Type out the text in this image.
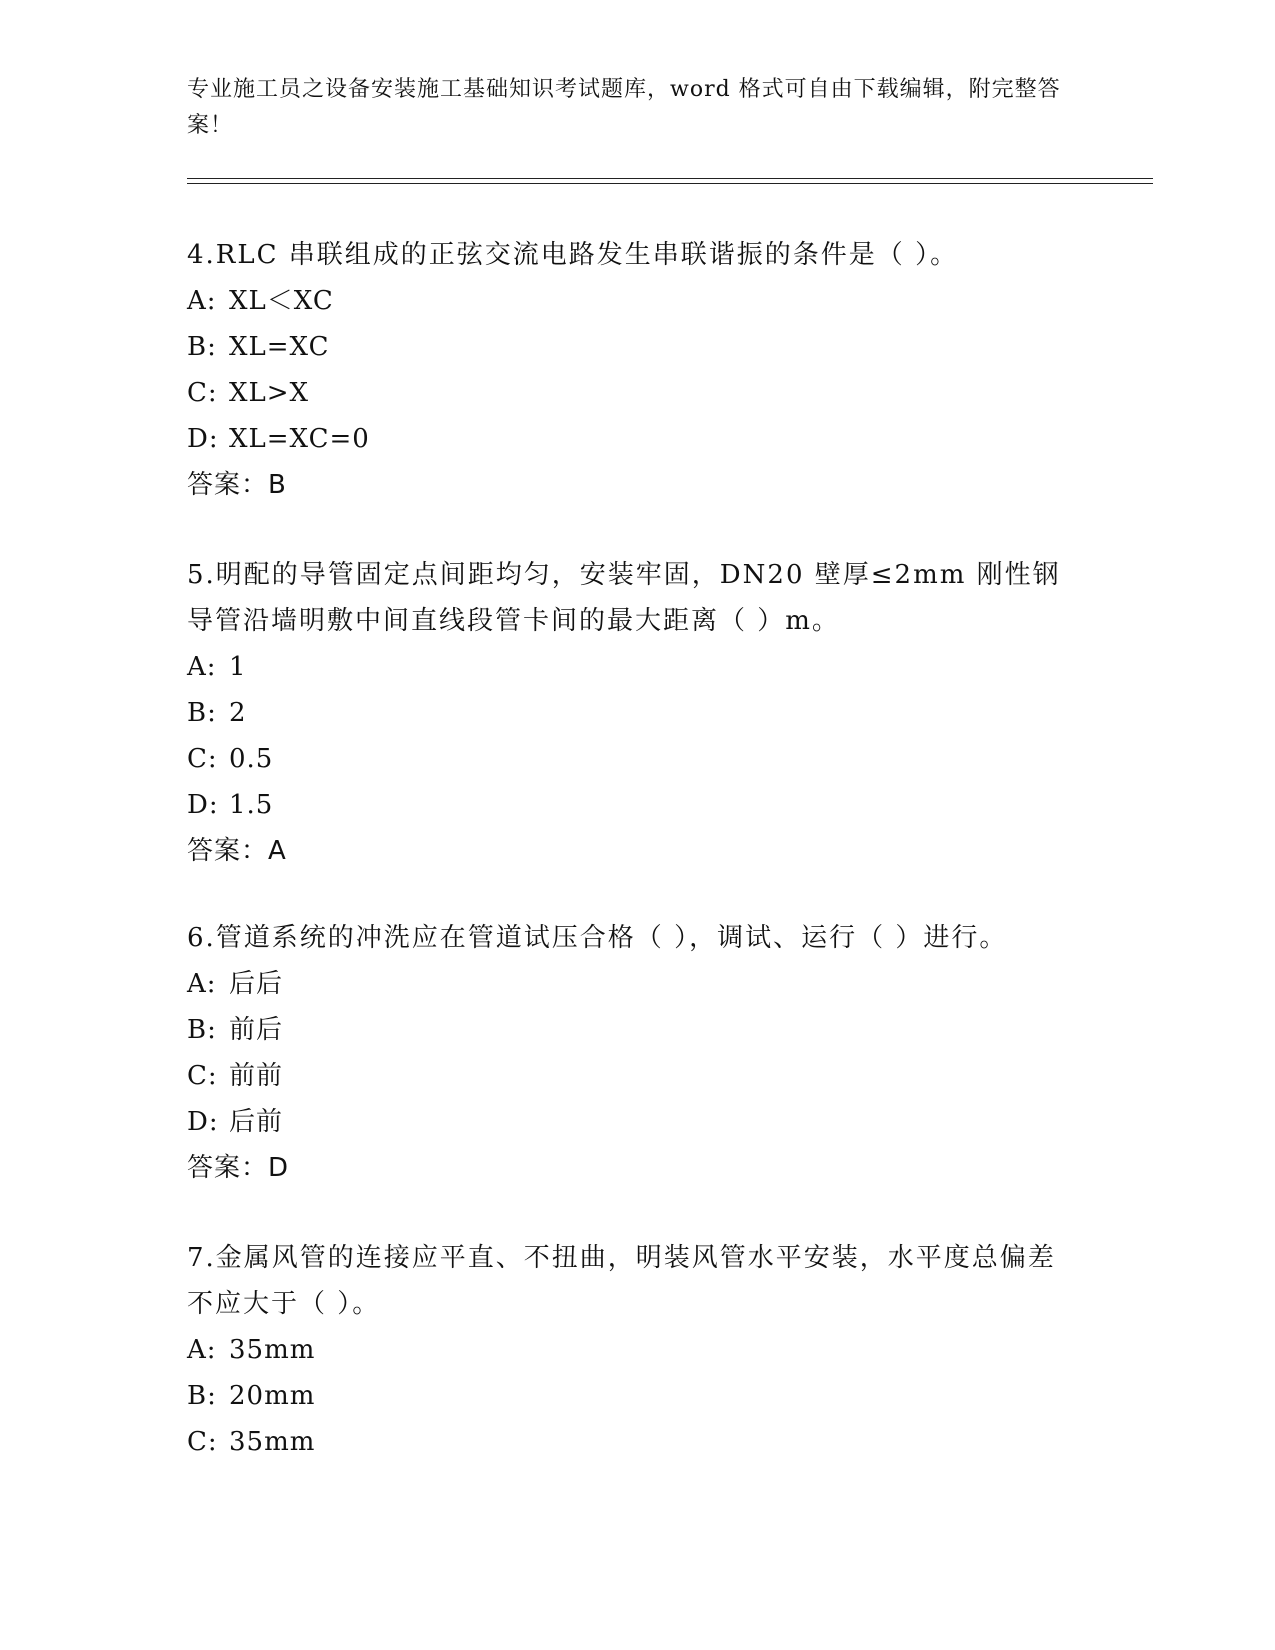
专业施工员之设备安装施工基础知识考试题库，word 格式可自由下载编辑，附完整答案！
4.RLC 串联组成的正弦交流电路发生串联谐振的条件是（ ）。
A: XL＜XC
B: XL=XC
C: XL>X
D: XL=XC=0
答案：B
5.明配的导管固定点间距均匀，安装牢固，DN20 壁厚≤2mm 刚性钢导管沿墙明敷中间直线段管卡间的最大距离（ ）m。
A: 1
B: 2
C: 0.5
D: 1.5
答案：A
6.管道系统的冲洗应在管道试压合格（ ），调试、运行（ ）进行。
A: 后后
B: 前后
C: 前前
D: 后前
答案：D
7.金属风管的连接应平直、不扭曲，明装风管水平安装，水平度总偏差不应大于（ ）。
A: 35mm
B: 20mm
C: 35mm
